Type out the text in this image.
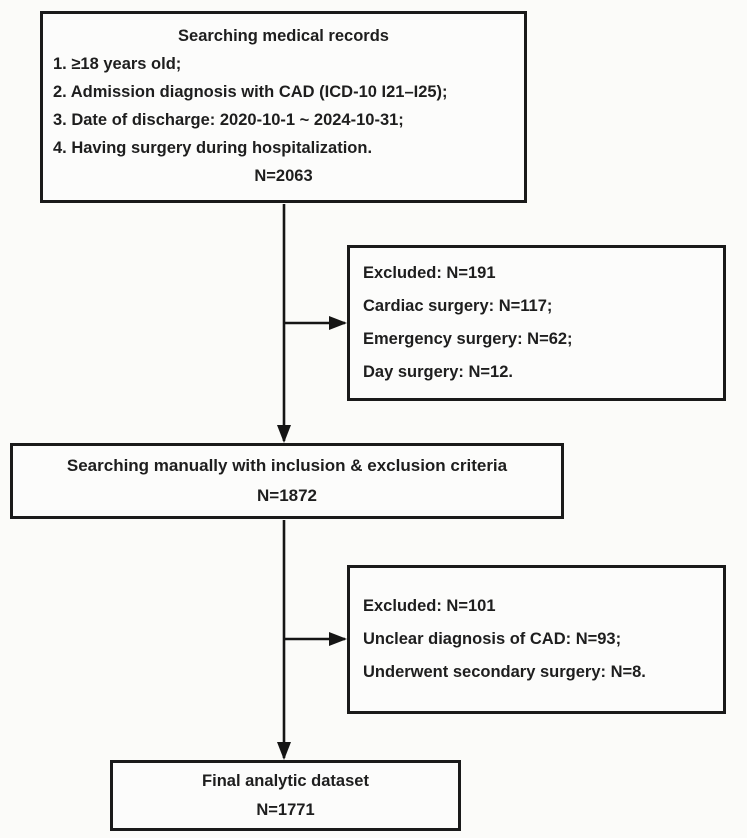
Searching medical records
1. ≥18 years old;
2. Admission diagnosis with CAD (ICD-10 I21–I25);
3. Date of discharge: 2020-10-1 ~ 2024-10-31;
4. Having surgery during hospitalization.
N=2063
Excluded: N=191
Cardiac surgery: N=117;
Emergency surgery: N=62;
Day surgery: N=12.
Searching manually with inclusion & exclusion criteria
N=1872
Excluded: N=101
Unclear diagnosis of CAD: N=93;
Underwent secondary surgery: N=8.
Final analytic dataset
N=1771
